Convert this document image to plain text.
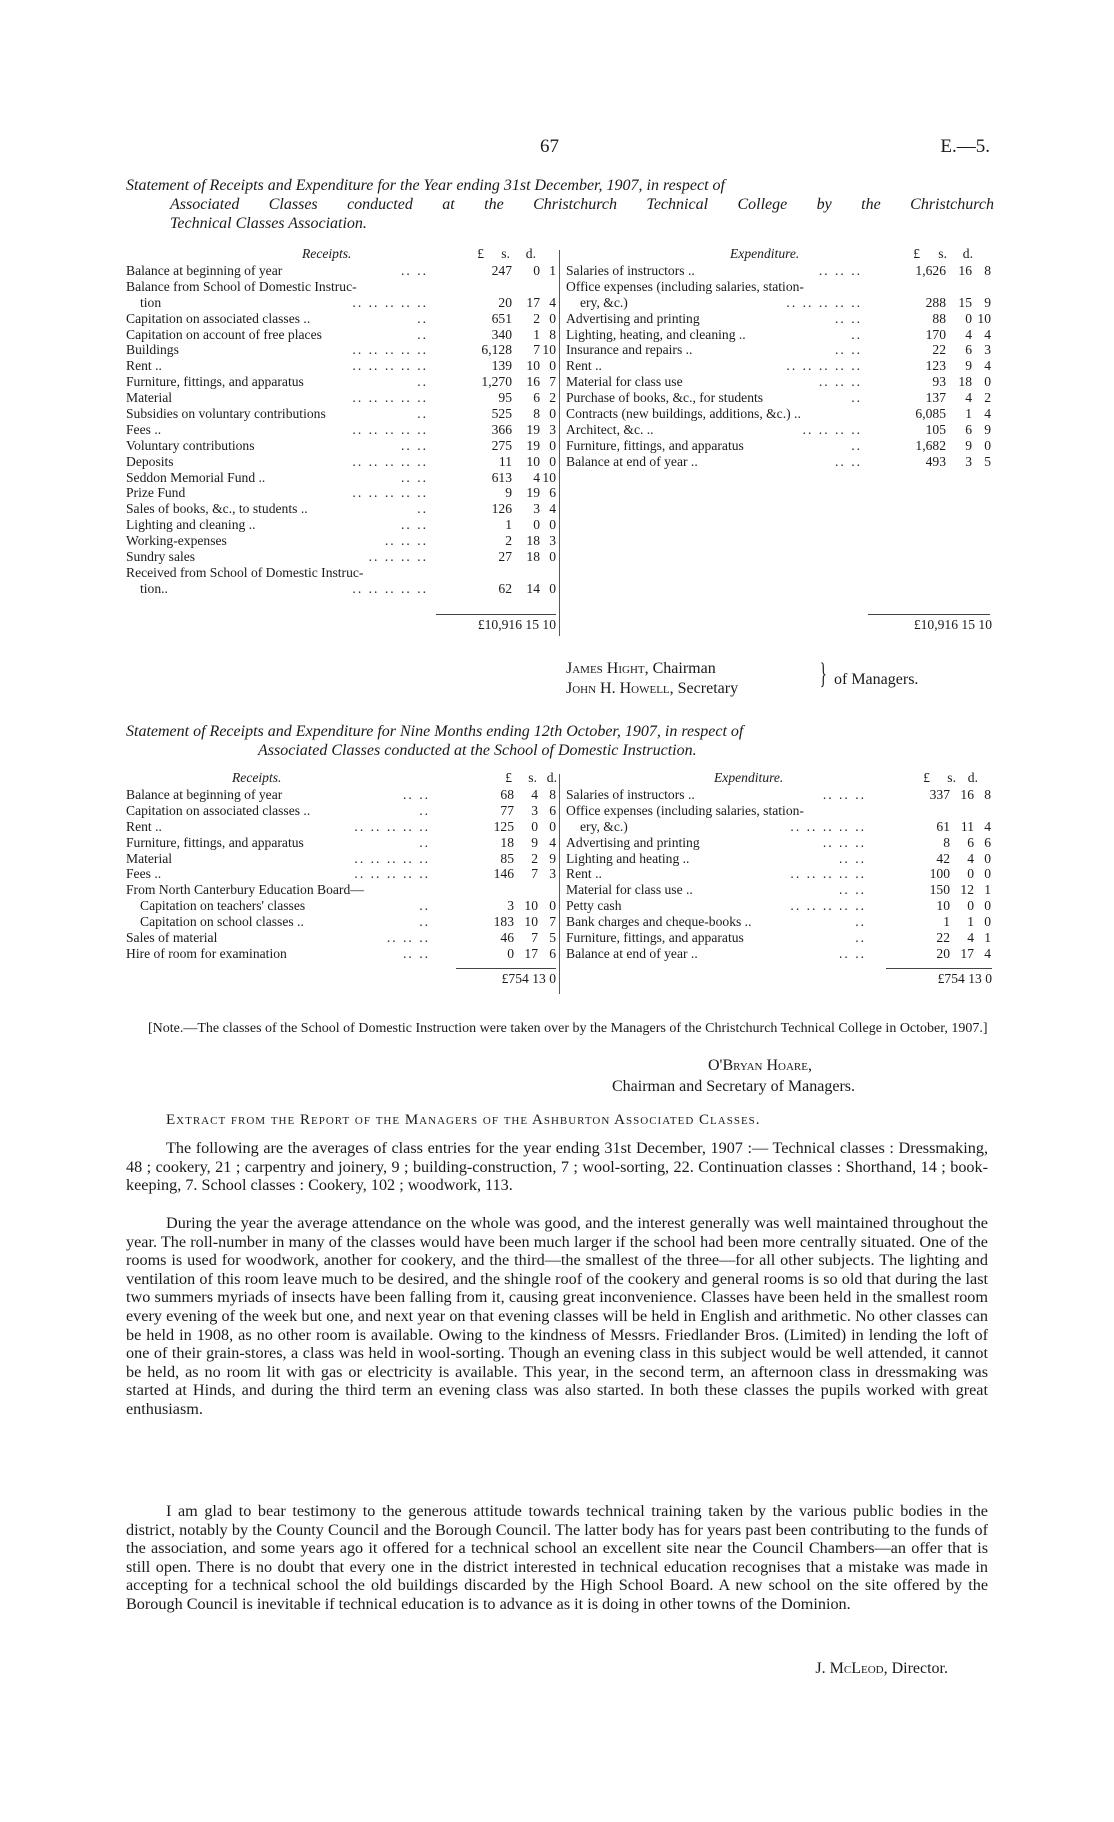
67	E.—5.
Statement of Receipts and Expenditure for the Year ending 31st December, 1907, in respect of
Associated Classes conducted at the Christchurch Technical College by the Christchurch
Technical Classes Association.
Receipts.	£	s.	d.
Balance at beginning of year	.. ..	247	0 1
Balance from School of Domestic Instruc-
tion	.. .. .. .. ..	20	17 4
Capitation on associated classes ..	..	651	2 0
Capitation on account of free places	..	340	1 8
Buildings	.. .. .. .. ..	6,128	7 10
Rent ..	.. .. .. .. ..	139	10 0
Furniture, fittings, and apparatus	..	1,270	16 7
Material	.. .. .. .. ..	95	6 2
Subsidies on voluntary contributions	..	525	8 0
Fees ..	.. .. .. .. ..	366	19 3
Voluntary contributions	.. ..	275	19 0
Deposits	.. .. .. .. ..	11	10 0
Seddon Memorial Fund ..	.. ..	613	4 10
Prize Fund	.. .. .. .. ..	9	19 6
Sales of books, &c., to students ..	..	126	3 4
Lighting and cleaning ..	.. ..	1	0 0
Working-expenses	.. .. ..	2	18 3
Sundry sales	.. .. .. ..	27	18 0
Received from School of Domestic Instruc-
tion..	.. .. .. .. ..	62	14 0
Expenditure.	£	s.	d.
Salaries of instructors ..	.. .. ..	1,626 16 8
Office expenses (including salaries, station-
ery, &c.)	.. .. .. .. ..	288 15 9
Advertising and printing	.. ..	88	0 10
Lighting, heating, and cleaning ..	..	170	4 4
Insurance and repairs ..	.. ..	22	6 3
Rent ..	.. .. .. .. ..	123	9 4
Material for class use	.. .. ..	93 18 0
Purchase of books, &c., for students	..	137	4 2
Contracts (new buildings, additions, &c.) ..	6,085	1 4
Architect, &c. ..	.. .. .. ..	105	6 9
Furniture, fittings, and apparatus	..	1,682	9 0
Balance at end of year ..	.. ..	493	3 5
£10,916 15 10	£10,916 15 10
James Hight, Chairman
John H. Howell, Secretary	} of Managers.
Statement of Receipts and Expenditure for Nine Months ending 12th October, 1907, in respect of
Associated Classes conducted at the School of Domestic Instruction.
Receipts.	£	s. d.
Balance at beginning of year	.. ..	68	4 8
Capitation on associated classes ..	..	77	3 6
Rent ..	.. .. .. .. ..	125	0 0
Furniture, fittings, and apparatus	..	18	9 4
Material	.. .. .. .. ..	85	2 9
Fees ..	.. .. .. .. ..	146	7 3
From North Canterbury Education Board—
Capitation on teachers' classes	..	3 10 0
Capitation on school classes ..	..	183 10 7
Sales of material	.. .. ..	46	7 5
Hire of room for examination	.. ..	0 17 6
Expenditure.	£	s. d.
Salaries of instructors ..	.. .. ..	337 16 8
Office expenses (including salaries, station-
ery, &c.)	.. .. .. .. ..	61 11 4
Advertising and printing	.. .. ..	8	6 6
Lighting and heating ..	.. ..	42	4 0
Rent ..	.. .. .. .. ..	100	0 0
Material for class use ..	.. ..	150 12 1
Petty cash	.. .. .. .. ..	10	0 0
Bank charges and cheque-books ..	..	1	1 0
Furniture, fittings, and apparatus	..	22	4 1
Balance at end of year ..	.. ..	20 17 4
£754 13 0	£754 13 0
[Note.—The classes of the School of Domestic Instruction were taken over by the Managers of the Christchurch Technical College in October, 1907.]
O'Bryan Hoare,
Chairman and Secretary of Managers.
Extract from the Report of the Managers of the Ashburton Associated Classes.
The following are the averages of class entries for the year ending 31st December, 1907 :— Technical classes : Dressmaking, 48 ; cookery, 21 ; carpentry and joinery, 9 ; building-construction, 7 ; wool-sorting, 22. Continuation classes : Shorthand, 14 ; book-keeping, 7. School classes : Cookery, 102 ; woodwork, 113.
During the year the average attendance on the whole was good, and the interest generally was well maintained throughout the year. The roll-number in many of the classes would have been much larger if the school had been more centrally situated. One of the rooms is used for woodwork, another for cookery, and the third—the smallest of the three—for all other subjects. The lighting and ventilation of this room leave much to be desired, and the shingle roof of the cookery and general rooms is so old that during the last two summers myriads of insects have been falling from it, causing great inconvenience. Classes have been held in the smallest room every evening of the week but one, and next year on that evening classes will be held in English and arithmetic. No other classes can be held in 1908, as no other room is available. Owing to the kindness of Messrs. Friedlander Bros. (Limited) in lending the loft of one of their grain-stores, a class was held in wool-sorting. Though an evening class in this subject would be well attended, it cannot be held, as no room lit with gas or electricity is available. This year, in the second term, an afternoon class in dressmaking was started at Hinds, and during the third term an evening class was also started. In both these classes the pupils worked with great enthusiasm.
I am glad to bear testimony to the generous attitude towards technical training taken by the various public bodies in the district, notably by the County Council and the Borough Council. The latter body has for years past been contributing to the funds of the association, and some years ago it offered for a technical school an excellent site near the Council Chambers—an offer that is still open. There is no doubt that every one in the district interested in technical education recognises that a mistake was made in accepting for a technical school the old buildings discarded by the High School Board. A new school on the site offered by the Borough Council is inevitable if technical education is to advance as it is doing in other towns of the Dominion.
J. McLeod, Director.
